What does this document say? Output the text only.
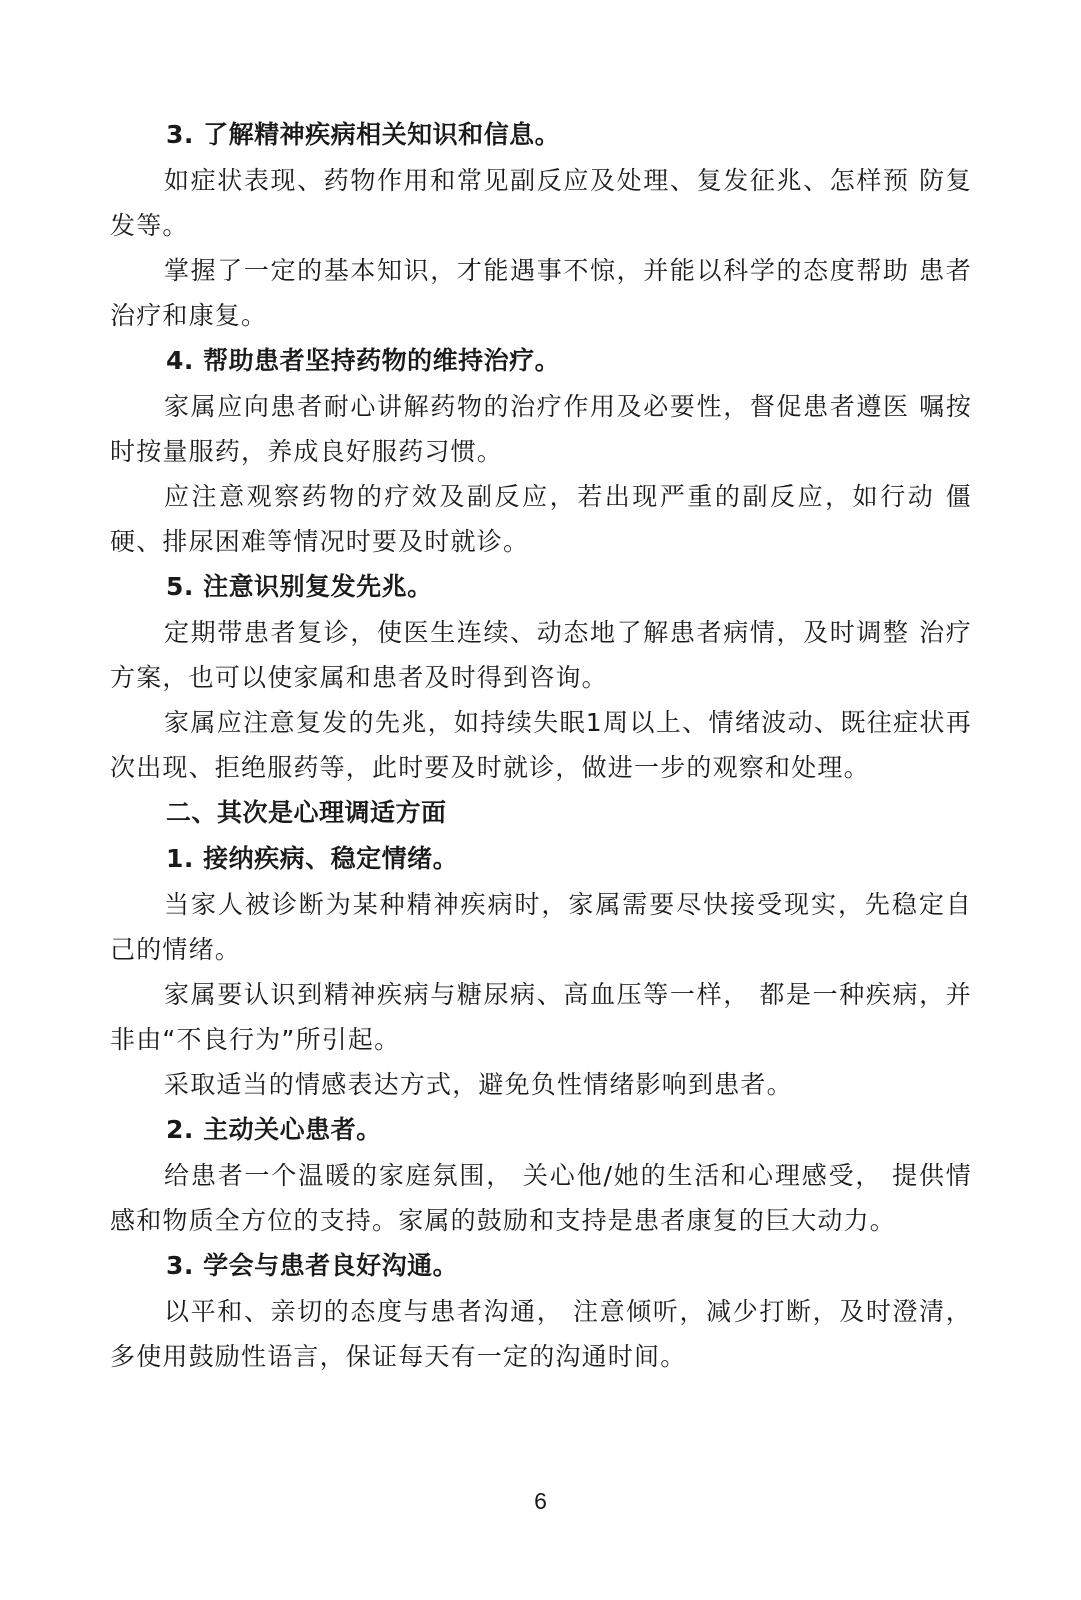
3. 了解精神疾病相关知识和信息。

如症状表现、药物作用和常见副反应及处理、复发征兆、怎样预 防复发等。

掌握了一定的基本知识，才能遇事不惊，并能以科学的态度帮助 患者治疗和康复。

4. 帮助患者坚持药物的维持治疗。

家属应向患者耐心讲解药物的治疗作用及必要性，督促患者遵医 嘱按时按量服药，养成良好服药习惯。

应注意观察药物的疗效及副反应，若出现严重的副反应，如行动 僵硬、排尿困难等情况时要及时就诊。

5. 注意识别复发先兆。

定期带患者复诊，使医生连续、动态地了解患者病情，及时调整 治疗方案，也可以使家属和患者及时得到咨询。

家属应注意复发的先兆，如持续失眠1周以上、情绪波动、既往症状再次出现、拒绝服药等，此时要及时就诊，做进一步的观察和处理。

二、其次是心理调适方面

1. 接纳疾病、稳定情绪。

当家人被诊断为某种精神疾病时，家属需要尽快接受现实，先稳定自己的情绪。

家属要认识到精神疾病与糖尿病、高血压等一样， 都是一种疾病，并非由“不良行为”所引起。

采取适当的情感表达方式，避免负性情绪影响到患者。

2. 主动关心患者。

给患者一个温暖的家庭氛围， 关心他/她的生活和心理感受， 提供情感和物质全方位的支持。家属的鼓励和支持是患者康复的巨大动力。

3. 学会与患者良好沟通。

以平和、亲切的态度与患者沟通， 注意倾听，减少打断，及时澄清，多使用鼓励性语言，保证每天有一定的沟通时间。

6
